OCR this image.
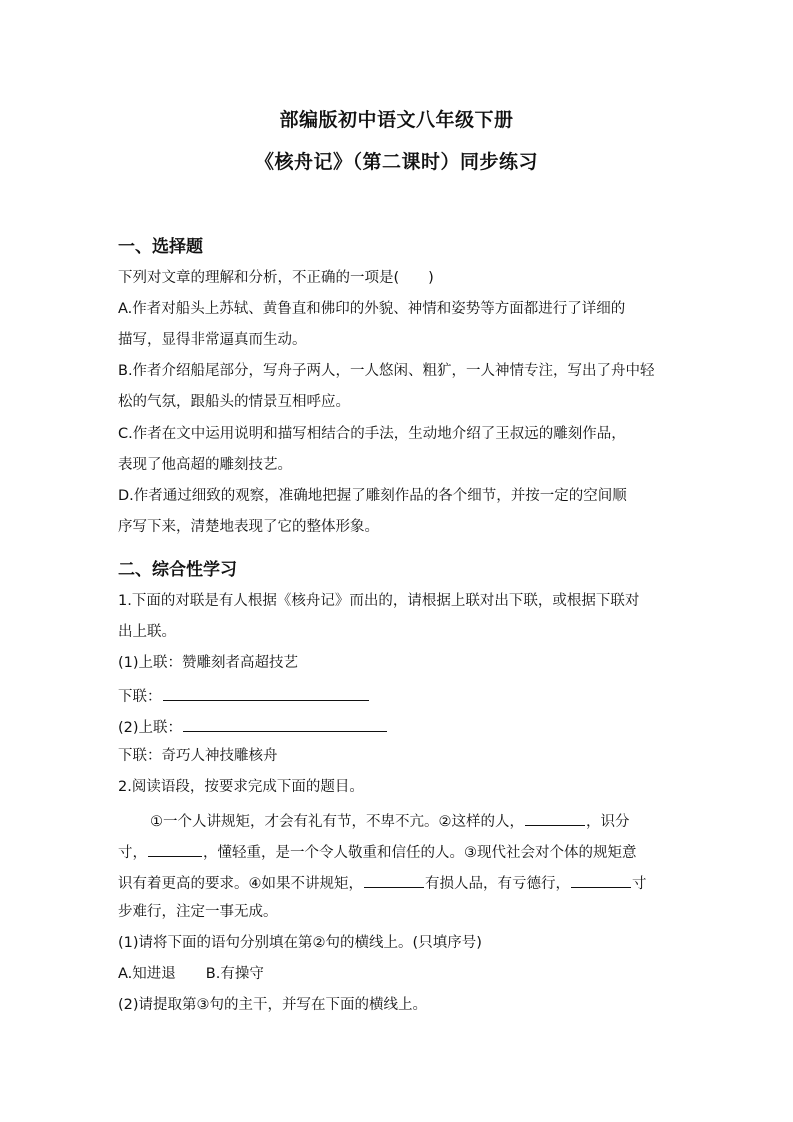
部编版初中语文八年级下册
《核舟记》（第二课时）同步练习
一、选择题
下列对文章的理解和分析，不正确的一项是(　　)
A.作者对船头上苏轼、黄鲁直和佛印的外貌、神情和姿势等方面都进行了详细的
描写，显得非常逼真而生动。
B.作者介绍船尾部分，写舟子两人，一人悠闲、粗犷，一人神情专注，写出了舟中轻
松的气氛，跟船头的情景互相呼应。
C.作者在文中运用说明和描写相结合的手法，生动地介绍了王叔远的雕刻作品，
表现了他高超的雕刻技艺。
D.作者通过细致的观察，准确地把握了雕刻作品的各个细节，并按一定的空间顺
序写下来，清楚地表现了它的整体形象。
二、综合性学习
1.下面的对联是有人根据《核舟记》而出的，请根据上联对出下联，或根据下联对
出上联。
(1)上联：赞雕刻者高超技艺
下联：
(2)上联：
下联：奇巧人神技雕核舟
2.阅读语段，按要求完成下面的题目。
①一个人讲规矩，才会有礼有节，不卑不亢。②这样的人，	，识分
寸，	，懂轻重，是一个令人敬重和信任的人。③现代社会对个体的规矩意
识有着更高的要求。④如果不讲规矩，	有损人品，有亏德行，	寸
步难行，注定一事无成。
(1)请将下面的语句分别填在第②句的横线上。(只填序号)
A.知进退 B.有操守
(2)请提取第③句的主干，并写在下面的横线上。
